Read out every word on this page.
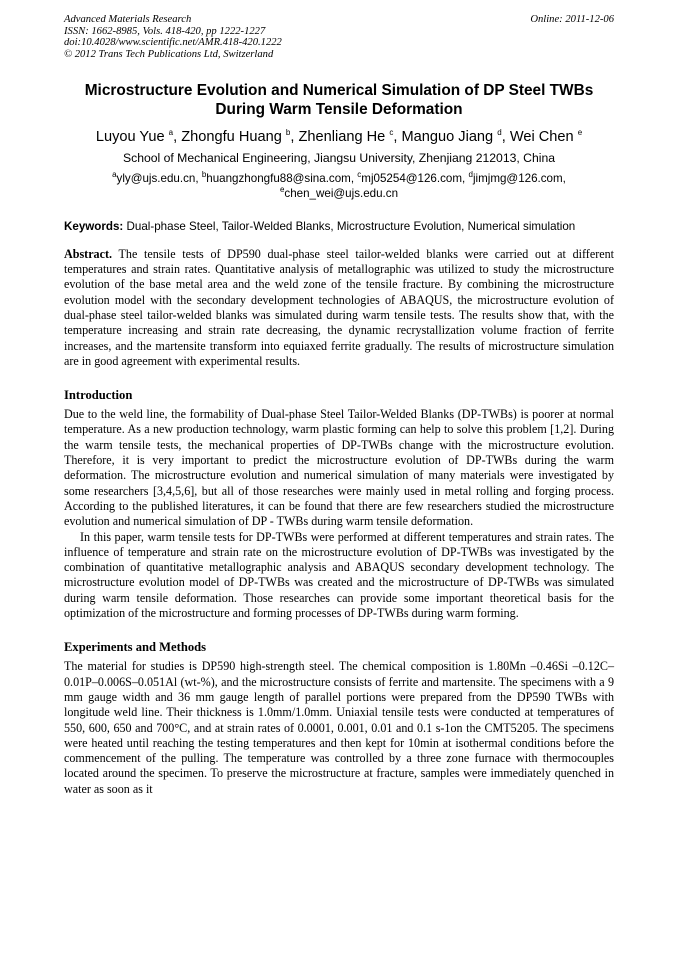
Advanced Materials Research
ISSN: 1662-8985, Vols. 418-420, pp 1222-1227
doi:10.4028/www.scientific.net/AMR.418-420.1222
© 2012 Trans Tech Publications Ltd, Switzerland
Online: 2011-12-06
Microstructure Evolution and Numerical Simulation of DP Steel TWBs
During Warm Tensile Deformation
Luyou Yue $^a$, Zhongfu Huang $^b$, Zhenliang He $^c$, Manguo Jiang $^d$, Wei Chen $^e$
School of Mechanical Engineering, Jiangsu University, Zhenjiang 212013, China
$^a$yly@ujs.edu.cn, $^b$huangzhongfu88@sina.com, $^c$mj05254@126.com, $^d$jimjmg@126.com,
$^e$chen_wei@ujs.edu.cn
Keywords: Dual-phase Steel, Tailor-Welded Blanks, Microstructure Evolution, Numerical simulation

Abstract. The tensile tests of DP590 dual-phase steel tailor-welded blanks were carried out at different temperatures and strain rates. Quantitative analysis of metallographic was utilized to study the microstructure evolution of the base metal area and the weld zone of the tensile fracture. By combining the microstructure evolution model with the secondary development technologies of ABAQUS, the microstructure evolution of dual-phase steel tailor-welded blanks was simulated during warm tensile tests. The results show that, with the temperature increasing and strain rate decreasing, the dynamic recrystallization volume fraction of ferrite increases, and the martensite transform into equiaxed ferrite gradually. The results of microstructure simulation are in good agreement with experimental results.

Introduction

Due to the weld line, the formability of Dual-phase Steel Tailor-Welded Blanks (DP-TWBs) is poorer at normal temperature. As a new production technology, warm plastic forming can help to solve this problem [1,2]. During the warm tensile tests, the mechanical properties of DP-TWBs change with the microstructure evolution. Therefore, it is very important to predict the microstructure evolution of DP-TWBs during the warm deformation. The microstructure evolution and numerical simulation of many materials were investigated by some researchers [3,4,5,6], but all of those researches were mainly used in metal rolling and forging process. According to the published literatures, it can be found that there are few researchers studied the microstructure evolution and numerical simulation of DP - TWBs during warm tensile deformation.

In this paper, warm tensile tests for DP-TWBs were performed at different temperatures and strain rates. The influence of temperature and strain rate on the microstructure evolution of DP-TWBs was investigated by the combination of quantitative metallographic analysis and ABAQUS secondary development technology. The microstructure evolution model of DP-TWBs was created and the microstructure of DP-TWBs was simulated during warm tensile deformation. Those researches can provide some important theoretical basis for the optimization of the microstructure and forming processes of DP-TWBs during warm forming.

Experiments and Methods

The material for studies is DP590 high-strength steel. The chemical composition is 1.80Mn –0.46Si –0.12C–0.01P–0.006S–0.051Al (wt-%), and the microstructure consists of ferrite and martensite. The specimens with a 9 mm gauge width and 36 mm gauge length of parallel portions were prepared from the DP590 TWBs with longitude weld line. Their thickness is 1.0mm/1.0mm. Uniaxial tensile tests were conducted at temperatures of 550, 600, 650 and 700°C, and at strain rates of 0.0001, 0.001, 0.01 and 0.1 s-1on the CMT5205. The specimens were heated until reaching the testing temperatures and then kept for 10min at isothermal conditions before the commencement of the pulling. The temperature was controlled by a three zone furnace with thermocouples located around the specimen. To preserve the microstructure at fracture, samples were immediately quenched in water as soon as it
